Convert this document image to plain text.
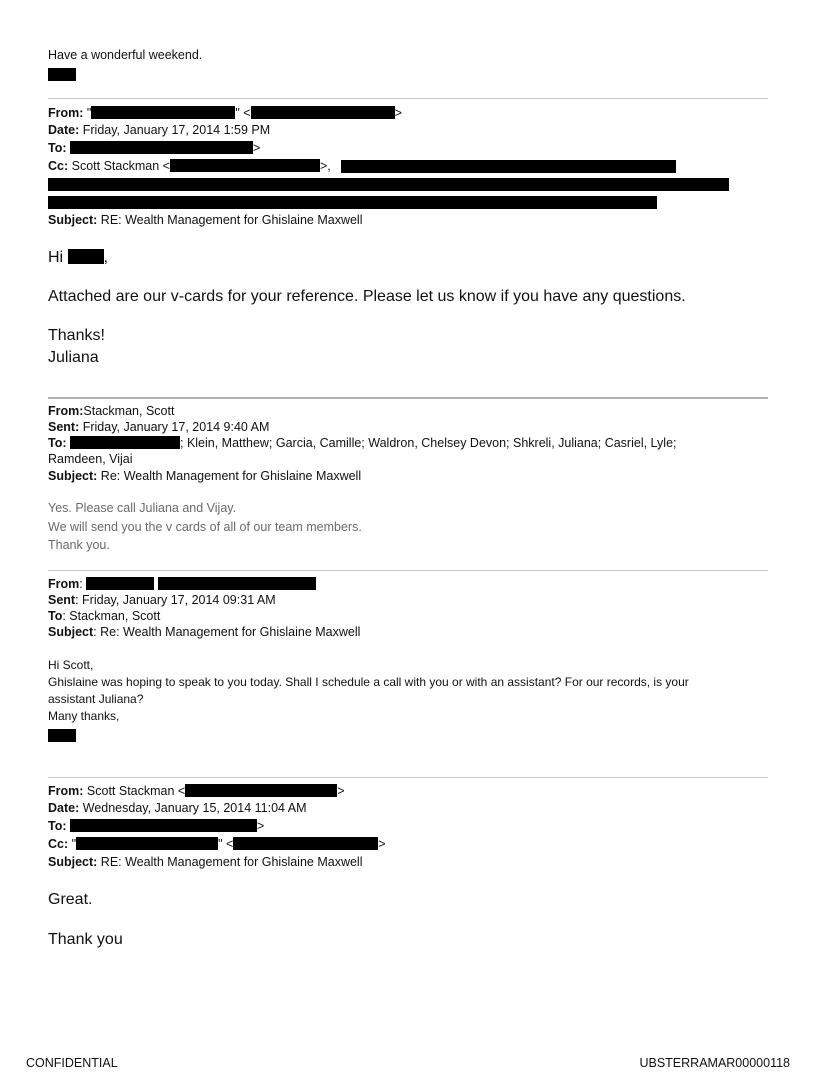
Have a wonderful weekend.
From: "	" <	>
Date: Friday, January 17, 2014 1:59 PM
To:	>
Cc: Scott Stackman <	>,
Subject: RE: Wealth Management for Ghislaine Maxwell
Hi	,
Attached are our v-cards for your reference. Please let us know if you have any questions.
Thanks!
Juliana
From:Stackman, Scott
Sent: Friday, January 17, 2014 9:40 AM
To:	; Klein, Matthew; Garcia, Camille; Waldron, Chelsey Devon; Shkreli, Juliana; Casriel, Lyle;
Ramdeen, Vijai
Subject: Re: Wealth Management for Ghislaine Maxwell
Yes. Please call Juliana and Vijay.
We will send you the v cards of all of our team members.
Thank you.
From:
Sent: Friday, January 17, 2014 09:31 AM
To: Stackman, Scott
Subject: Re: Wealth Management for Ghislaine Maxwell
Hi Scott,
Ghislaine was hoping to speak to you today. Shall I schedule a call with you or with an assistant? For our records, is your
assistant Juliana?
Many thanks,
From: Scott Stackman <	>
Date: Wednesday, January 15, 2014 11:04 AM
To:	>
Cc: "	" <	>
Subject: RE: Wealth Management for Ghislaine Maxwell
Great.
Thank you
CONFIDENTIAL	UBSTERRAMAR00000118
